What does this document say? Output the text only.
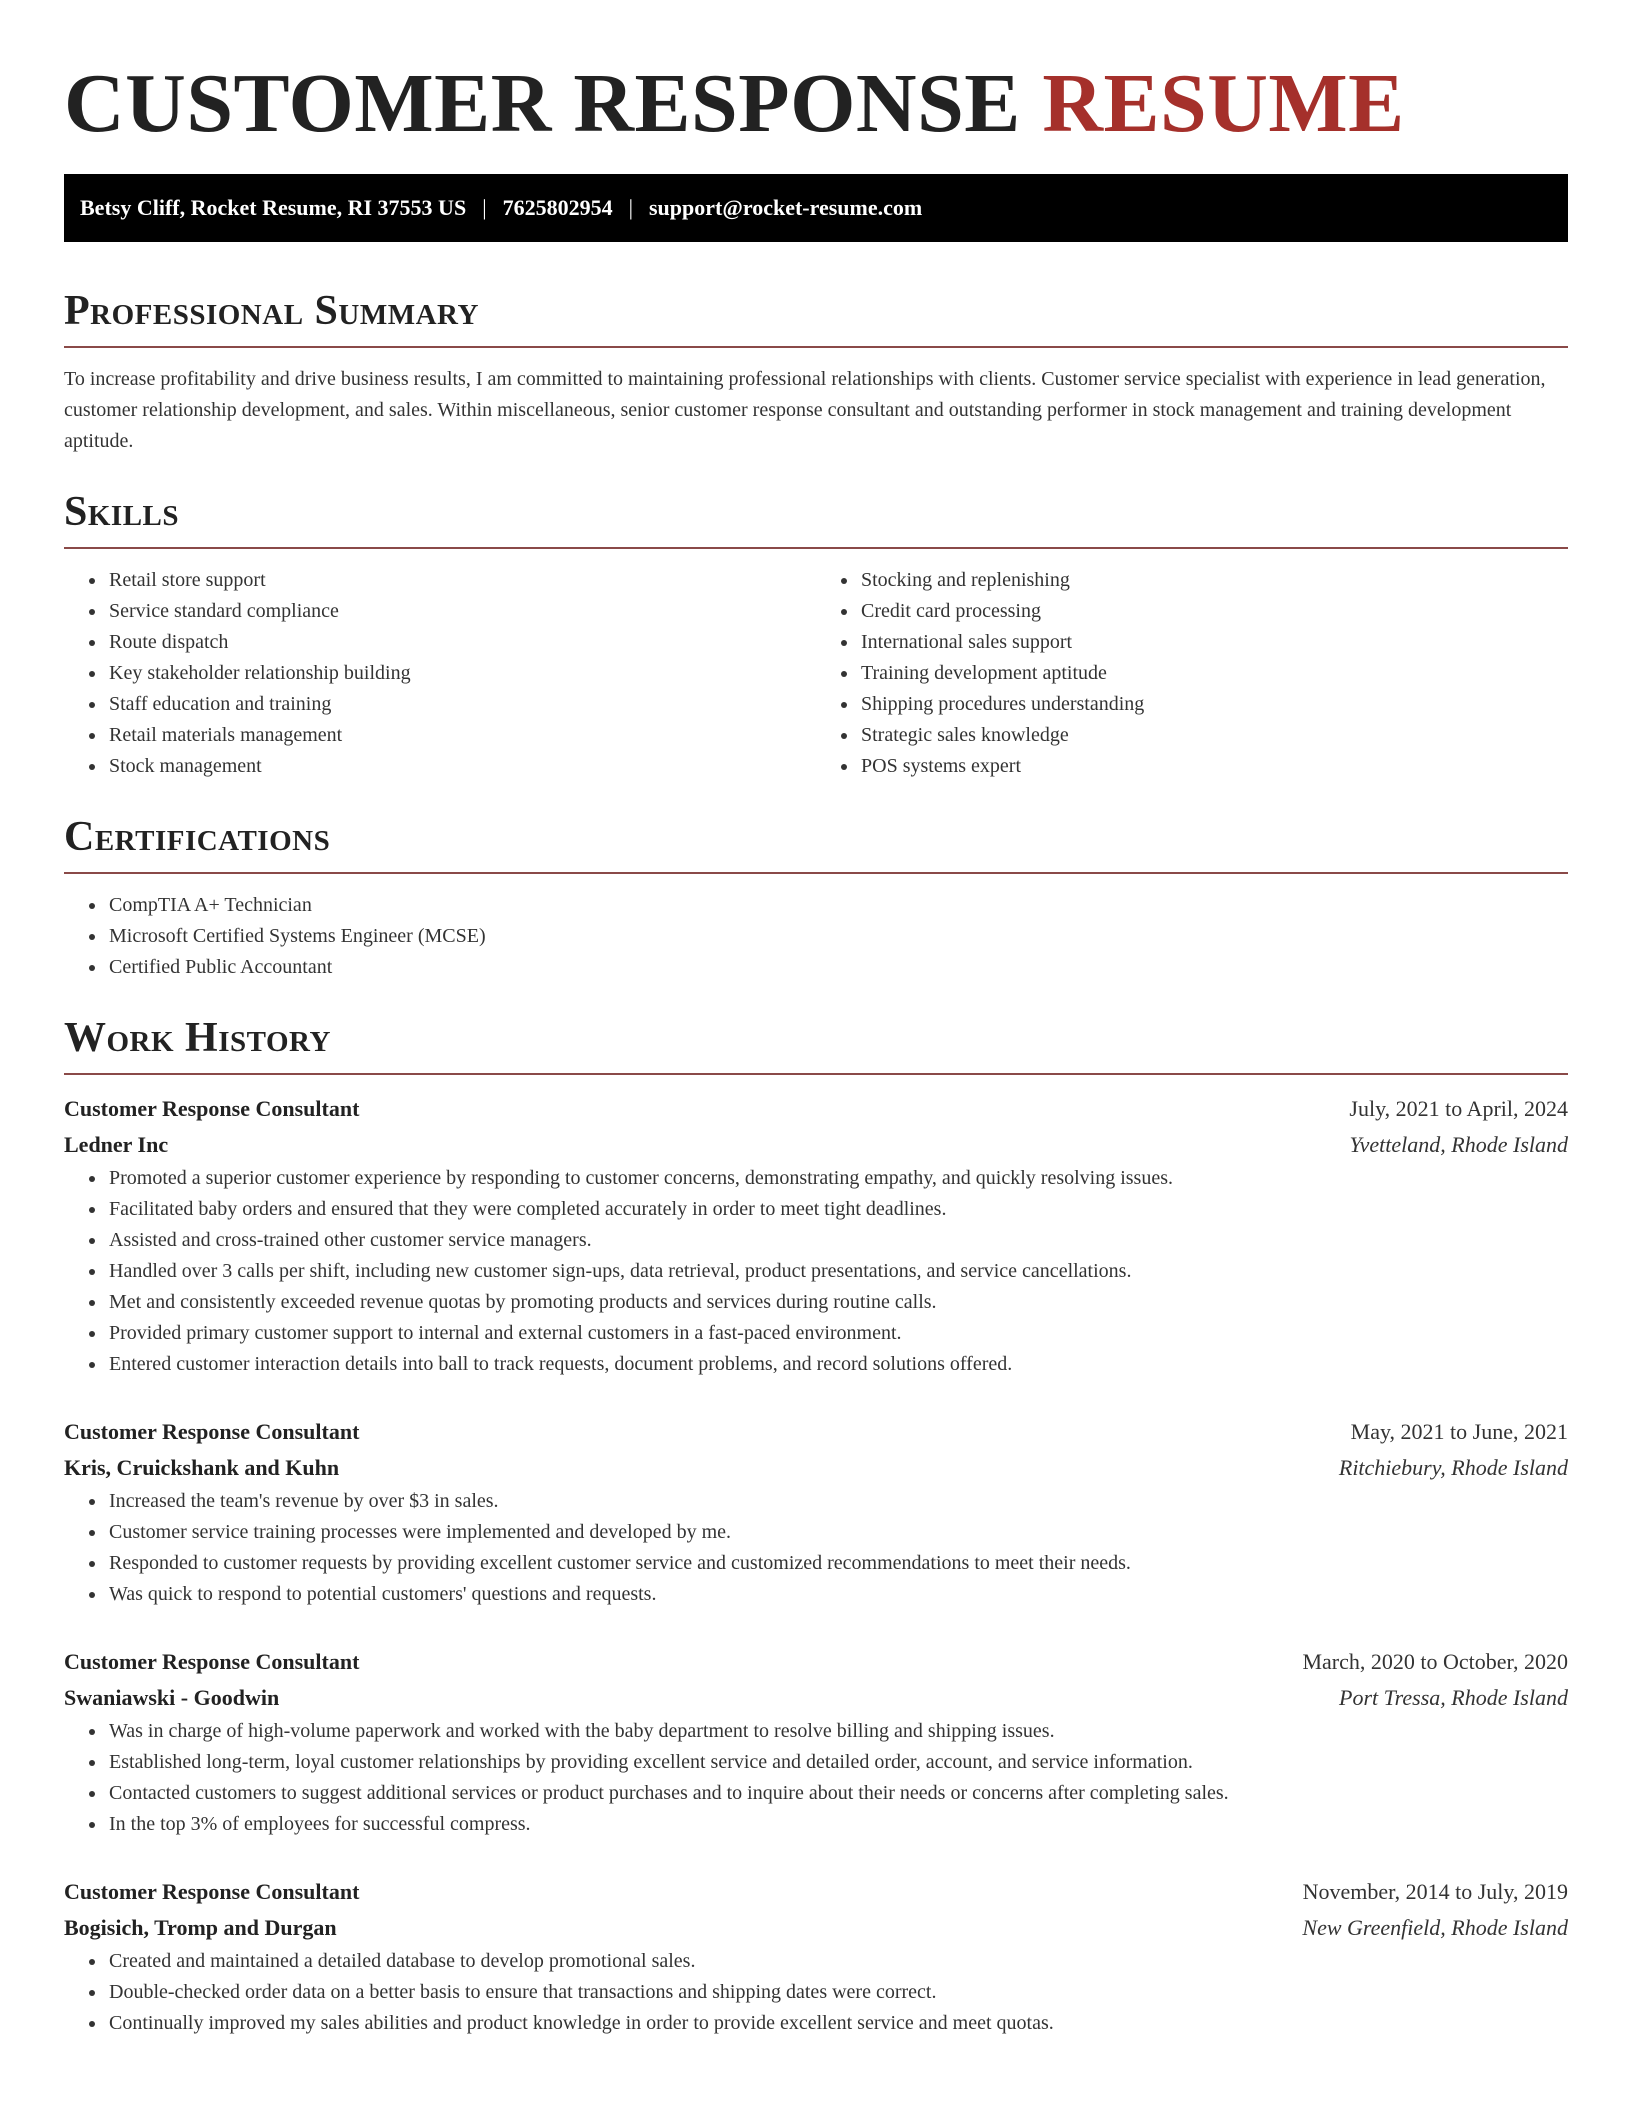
CUSTOMER RESPONSE RESUME
Betsy Cliff, Rocket Resume, RI 37553 US | 7625802954 | support@rocket-resume.com
Professional Summary

To increase profitability and drive business results, I am committed to maintaining professional relationships with clients. Customer service specialist with experience in lead generation, customer relationship development, and sales. Within miscellaneous, senior customer response consultant and outstanding performer in stock management and training development aptitude.

Skills
• Retail store support
• Service standard compliance
• Route dispatch
• Key stakeholder relationship building
• Staff education and training
• Retail materials management
• Stock management
• Stocking and replenishing
• Credit card processing
• International sales support
• Training development aptitude
• Shipping procedures understanding
• Strategic sales knowledge
• POS systems expert
Certifications
• CompTIA A+ Technician
• Microsoft Certified Systems Engineer (MCSE)
• Certified Public Accountant
Work History
Customer Response Consultant	July, 2021 to April, 2024
Ledner Inc	Yvetteland, Rhode Island
• Promoted a superior customer experience by responding to customer concerns, demonstrating empathy, and quickly resolving issues.
• Facilitated baby orders and ensured that they were completed accurately in order to meet tight deadlines.
• Assisted and cross-trained other customer service managers.
• Handled over 3 calls per shift, including new customer sign-ups, data retrieval, product presentations, and service cancellations.
• Met and consistently exceeded revenue quotas by promoting products and services during routine calls.
• Provided primary customer support to internal and external customers in a fast-paced environment.
• Entered customer interaction details into ball to track requests, document problems, and record solutions offered.
Customer Response Consultant	May, 2021 to June, 2021
Kris, Cruickshank and Kuhn	Ritchiebury, Rhode Island
• Increased the team's revenue by over $3 in sales.
• Customer service training processes were implemented and developed by me.
• Responded to customer requests by providing excellent customer service and customized recommendations to meet their needs.
• Was quick to respond to potential customers' questions and requests.
Customer Response Consultant	March, 2020 to October, 2020
Swaniawski - Goodwin	Port Tressa, Rhode Island
• Was in charge of high-volume paperwork and worked with the baby department to resolve billing and shipping issues.
• Established long-term, loyal customer relationships by providing excellent service and detailed order, account, and service information.
• Contacted customers to suggest additional services or product purchases and to inquire about their needs or concerns after completing sales.
• In the top 3% of employees for successful compress.
Customer Response Consultant	November, 2014 to July, 2019
Bogisich, Tromp and Durgan	New Greenfield, Rhode Island
• Created and maintained a detailed database to develop promotional sales.
• Double-checked order data on a better basis to ensure that transactions and shipping dates were correct.
• Continually improved my sales abilities and product knowledge in order to provide excellent service and meet quotas.
